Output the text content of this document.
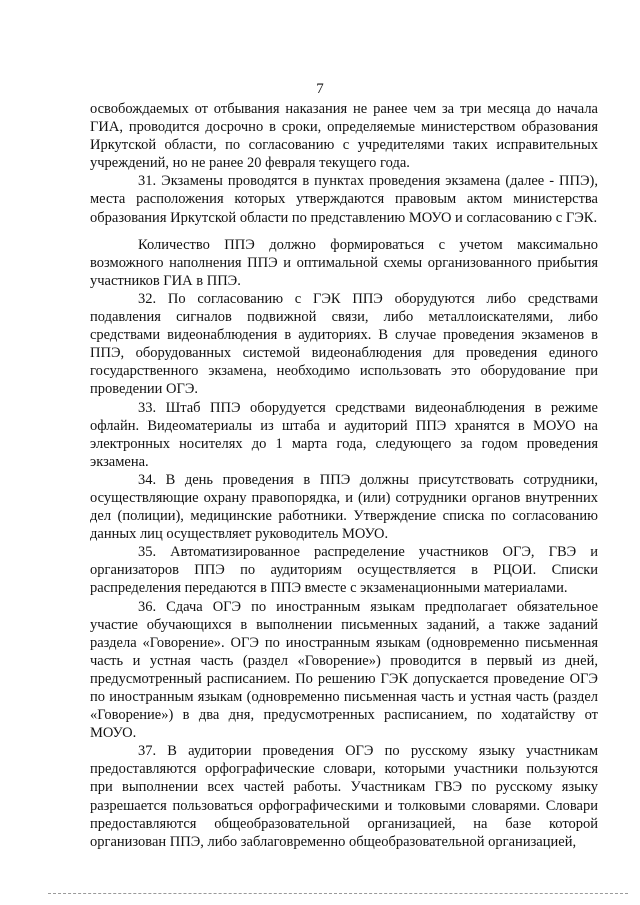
7

освобождаемых от отбывания наказания не ранее чем за три месяца до начала ГИА, проводится досрочно в сроки, определяемые министерством образования Иркутской области, по согласованию с учредителями таких исправительных учреждений, но не ранее 20 февраля текущего года.

31. Экзамены проводятся в пунктах проведения экзамена (далее - ППЭ), места расположения которых утверждаются правовым актом министерства образования Иркутской области по представлению МОУО и согласованию с ГЭК.

Количество ППЭ должно формироваться с учетом максимально возможного наполнения ППЭ и оптимальной схемы организованного прибытия участников ГИА в ППЭ.

32. По согласованию с ГЭК ППЭ оборудуются либо средствами подавления сигналов подвижной связи, либо металлоискателями, либо средствами видеонаблюдения в аудиториях. В случае проведения экзаменов в ППЭ, оборудованных системой видеонаблюдения для проведения единого государственного экзамена, необходимо использовать это оборудование при проведении ОГЭ.

33. Штаб ППЭ оборудуется средствами видеонаблюдения в режиме офлайн. Видеоматериалы из штаба и аудиторий ППЭ хранятся в МОУО на электронных носителях до 1 марта года, следующего за годом проведения экзамена.

34. В день проведения в ППЭ должны присутствовать сотрудники, осуществляющие охрану правопорядка, и (или) сотрудники органов внутренних дел (полиции), медицинские работники. Утверждение списка по согласованию данных лиц осуществляет руководитель МОУО.

35. Автоматизированное распределение участников ОГЭ, ГВЭ и организаторов ППЭ по аудиториям осуществляется в РЦОИ. Списки распределения передаются в ППЭ вместе с экзаменационными материалами.

36. Сдача ОГЭ по иностранным языкам предполагает обязательное участие обучающихся в выполнении письменных заданий, а также заданий раздела «Говорение». ОГЭ по иностранным языкам (одновременно письменная часть и устная часть (раздел «Говорение») проводится в первый из дней, предусмотренный расписанием. По решению ГЭК допускается проведение ОГЭ по иностранным языкам (одновременно письменная часть и устная часть (раздел «Говорение») в два дня, предусмотренных расписанием, по ходатайству от МОУО.

37. В аудитории проведения ОГЭ по русскому языку участникам предоставляются орфографические словари, которыми участники пользуются при выполнении всех частей работы. Участникам ГВЭ по русскому языку разрешается пользоваться орфографическими и толковыми словарями. Словари предоставляются общеобразовательной организацией, на базе которой организован ППЭ, либо заблаговременно общеобразовательной организацией,
